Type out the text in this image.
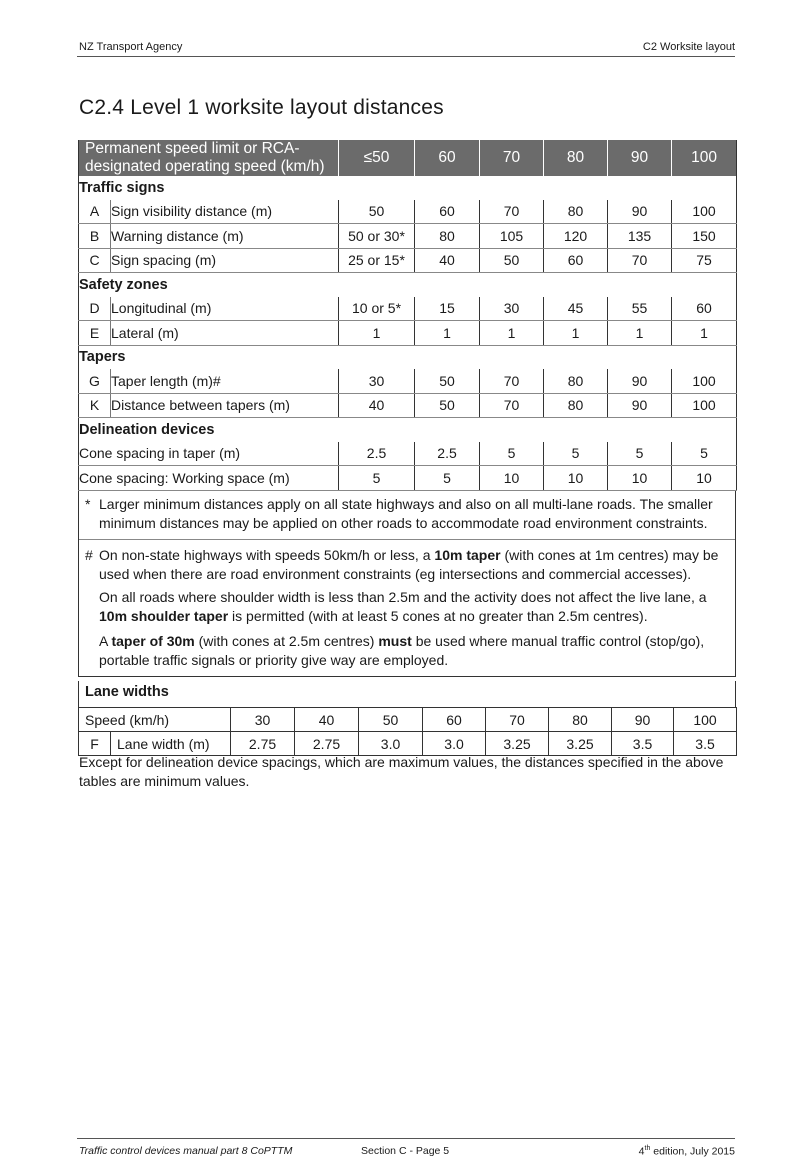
NZ Transport Agency	C2 Worksite layout
C2.4 Level 1 worksite layout distances
Permanent speed limit or RCA-designated operating speed (km/h)		≤50	60	70	80	90	100
Traffic signs							
A	Sign visibility distance (m)	50	60	70	80	90	100
B	Warning distance (m)	50 or 30*	80	105	120	135	150
C	Sign spacing (m)	25 or 15*	40	50	60	70	75
Safety zones							
D	Longitudinal (m)	10 or 5*	15	30	45	55	60
E	Lateral (m)	1	1	1	1	1	1
Tapers							
G	Taper length (m)#	30	50	70	80	90	100
K	Distance between tapers (m)	40	50	70	80	90	100
Delineation devices							
Cone spacing in taper (m)		2.5	2.5	5	5	5	5
Cone spacing: Working space (m)		5	5	10	10	10	10
* Larger minimum distances apply on all state highways and also on all multi-lane roads. The smaller minimum distances may be applied on other roads to accommodate road environment constraints.
# On non-state highways with speeds 50km/h or less, a 10m taper (with cones at 1m centres) may be used when there are road environment constraints (eg intersections and commercial accesses).
On all roads where shoulder width is less than 2.5m and the activity does not affect the live lane, a 10m shoulder taper is permitted (with at least 5 cones at no greater than 2.5m centres).
A taper of 30m (with cones at 2.5m centres) must be used where manual traffic control (stop/go), portable traffic signals or priority give way are employed.
Lane widths
Speed (km/h)		30	40	50	60	70	80	90	100
F	Lane width (m)	2.75	2.75	3.0	3.0	3.25	3.25	3.5	3.5
Except for delineation device spacings, which are maximum values, the distances specified in the above tables are minimum values.
Traffic control devices manual part 8 CoPTTM	Section C - Page 5	4th edition, July 2015
